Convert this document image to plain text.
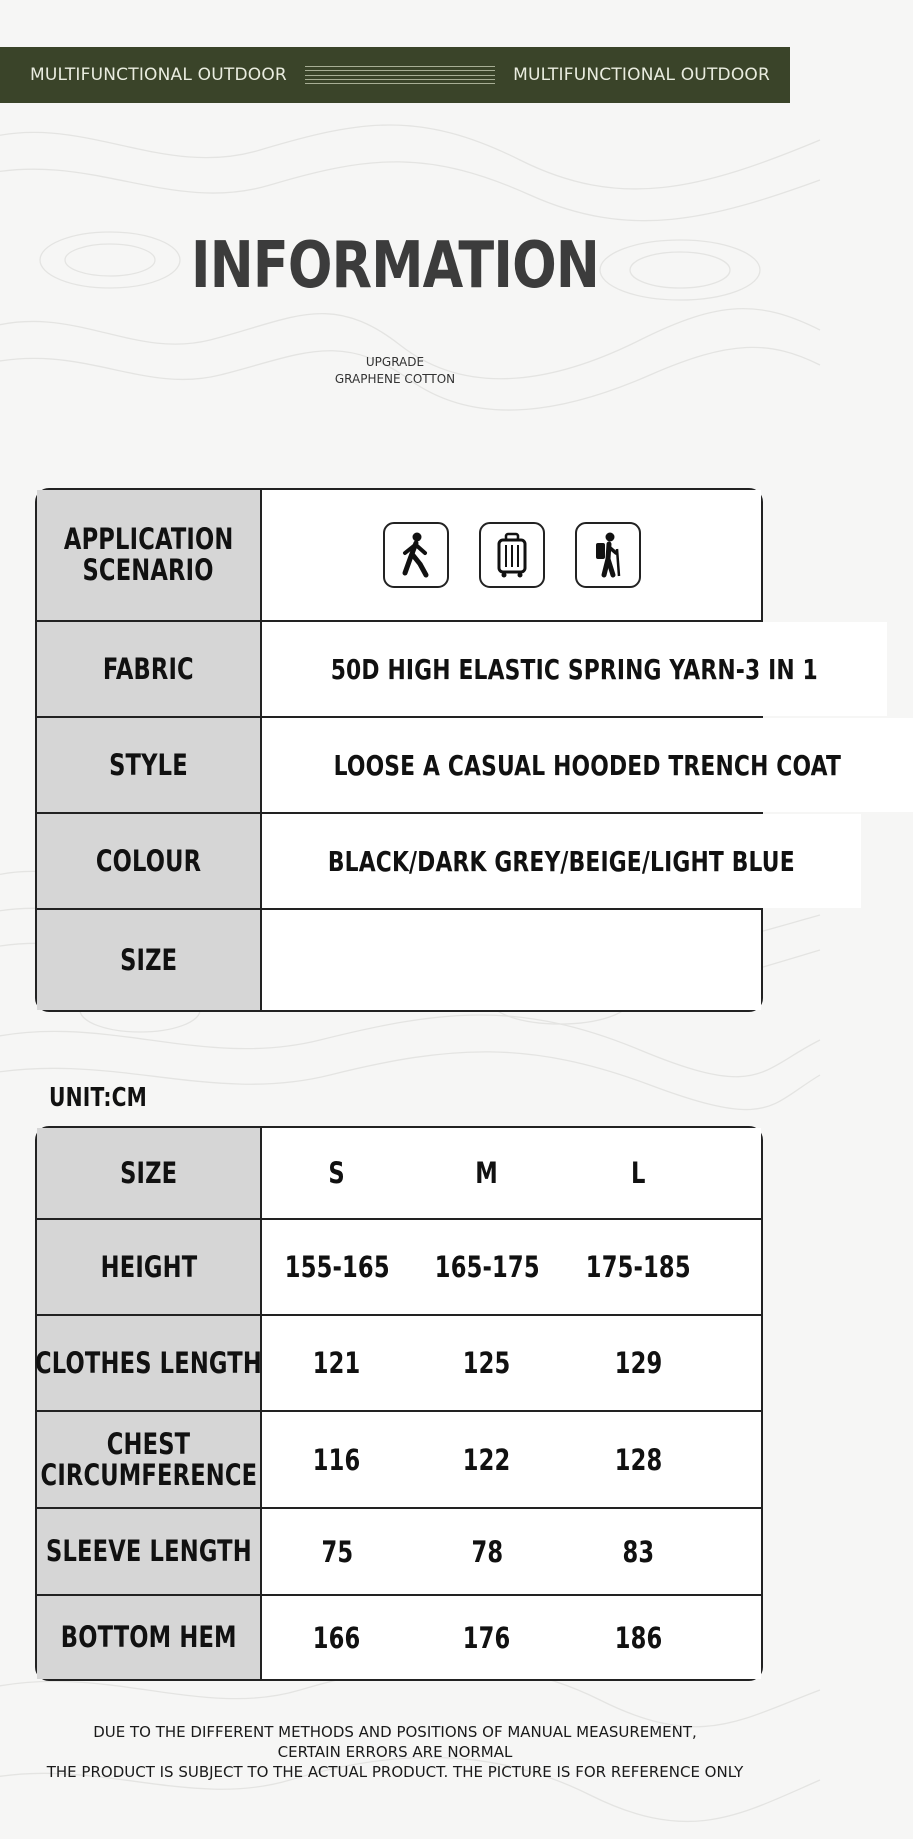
MULTIFUNCTIONAL OUTDOOR	MULTIFUNCTIONAL OUTDOOR
INFORMATION
UPGRADE
GRAPHENE COTTON
APPLICATION
SCENARIO
FABRIC	50D HIGH ELASTIC SPRING YARN-3 IN 1
STYLE	LOOSE A CASUAL HOODED TRENCH COAT
COLOUR	BLACK/DARK GREY/BEIGE/LIGHT BLUE
SIZE
UNIT:CM
SIZE	S	M	L
HEIGHT	155-165 165-175 175-185
CLOTHES LENGTH 121	125	129
CHEST
CIRCUMFERENCE	116	122	128
SLEEVE LENGTH 75	78	83
BOTTOM HEM	166	176	186
DUE TO THE DIFFERENT METHODS AND POSITIONS OF MANUAL MEASUREMENT,
CERTAIN ERRORS ARE NORMAL
THE PRODUCT IS SUBJECT TO THE ACTUAL PRODUCT. THE PICTURE IS FOR REFERENCE ONLY
